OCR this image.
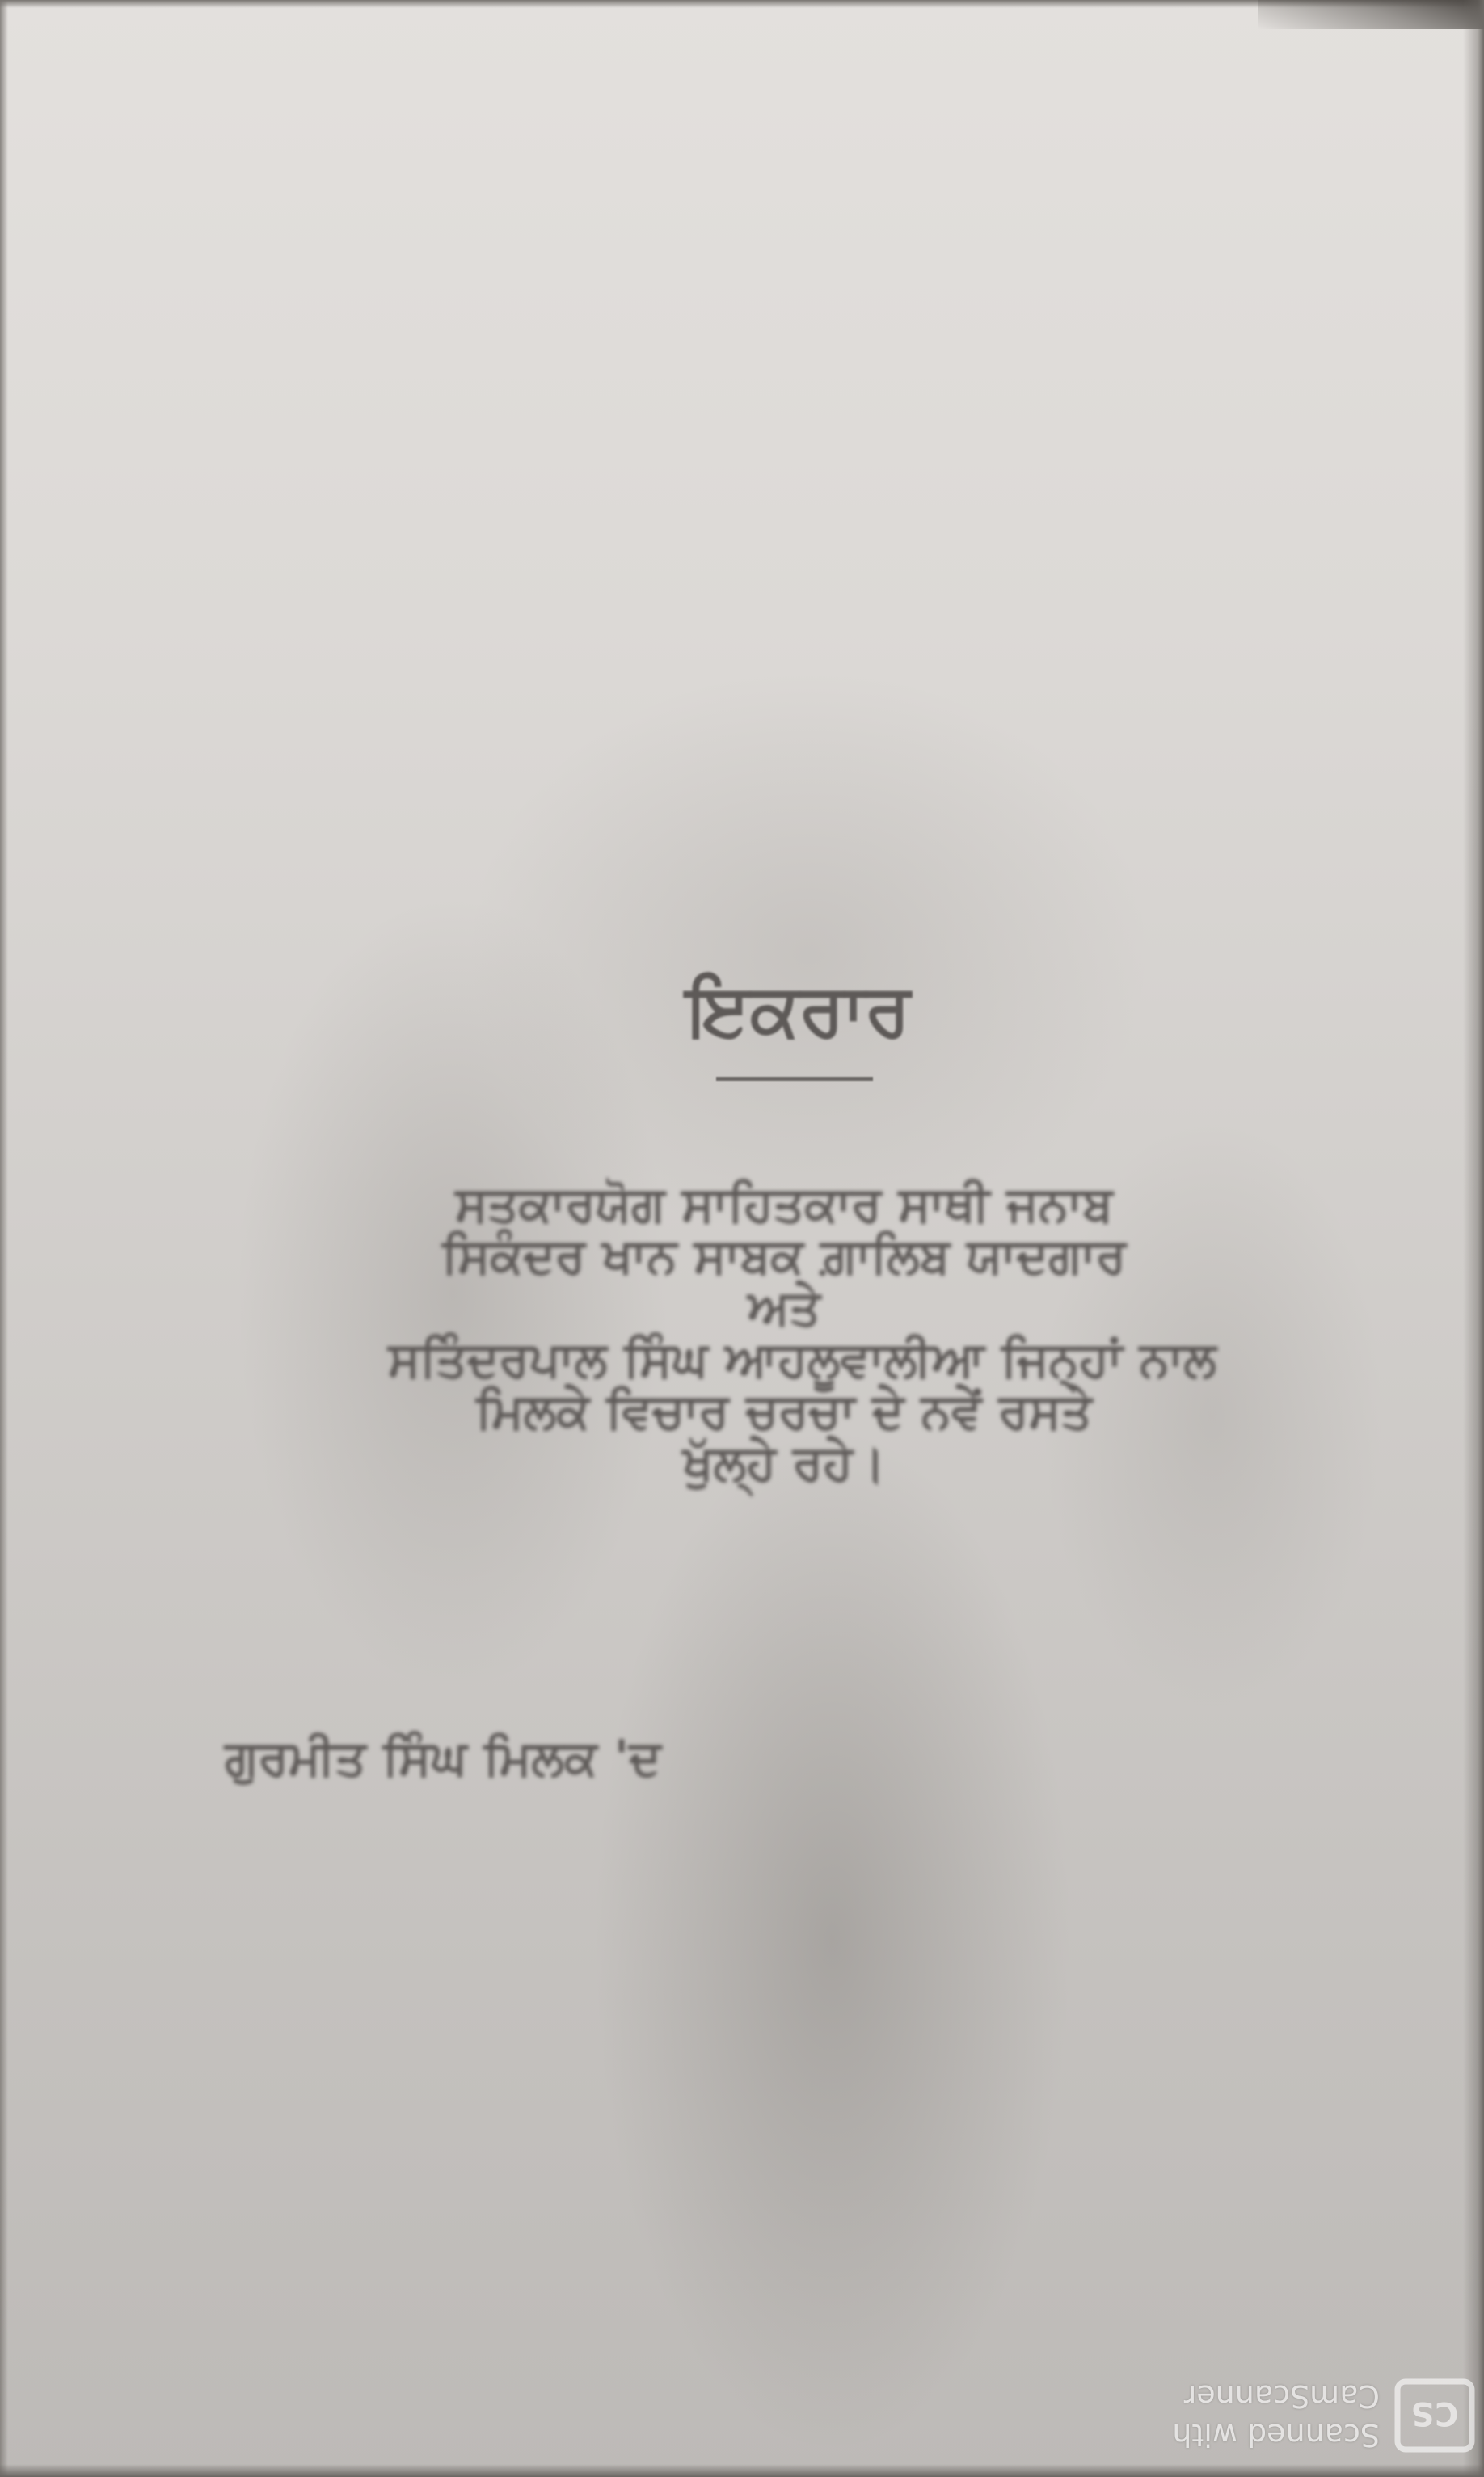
ਇਕਰਾਰ
ਸਤਕਾਰਯੋਗ ਸਾਹਿਤਕਾਰ ਸਾਥੀ ਜਨਾਬ
ਸਿਕੰਦਰ ਖਾਨ ਸਾਬਕ ਗ਼ਾਲਿਬ ਯਾਦਗਾਰ
ਅਤੇ
ਸਤਿੰਦਰਪਾਲ ਸਿੰਘ ਆਹਲੂਵਾਲੀਆ ਜਿਨ੍ਹਾਂ ਨਾਲ
ਮਿਲਕੇ ਵਿਚਾਰ ਚਰਚਾ ਦੇ ਨਵੇਂ ਰਸਤੇ
ਖੁੱਲ੍ਹੇ ਰਹੇ।
ਗੁਰਮੀਤ ਸਿੰਘ ਮਿਲਕ 'ਦ
CS
Scanned with
CamScanner
